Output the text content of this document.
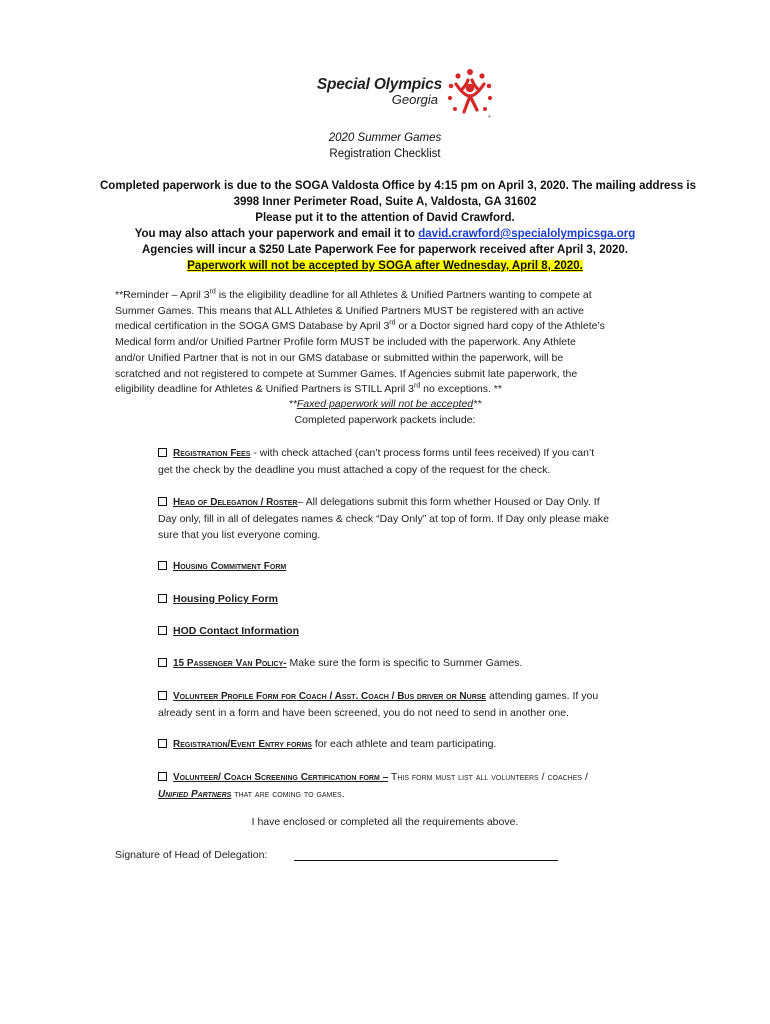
Special Olympics
Georgia
®
2020 Summer Games
Registration Checklist
Completed paperwork is due to the SOGA Valdosta Office by 4:15 pm on April 3, 2020. The mailing address is
3998 Inner Perimeter Road, Suite A, Valdosta, GA 31602
Please put it to the attention of David Crawford.
You may also attach your paperwork and email it to david.crawford@specialolympicsga.org
Agencies will incur a $250 Late Paperwork Fee for paperwork received after April 3, 2020.
Paperwork will not be accepted by SOGA after Wednesday, April 8, 2020.
**Reminder – April 3rd is the eligibility deadline for all Athletes & Unified Partners wanting to compete at
Summer Games. This means that ALL Athletes & Unified Partners MUST be registered with an active
medical certification in the SOGA GMS Database by April 3rd or a Doctor signed hard copy of the Athlete’s
Medical form and/or Unified Partner Profile form MUST be included with the paperwork. Any Athlete
and/or Unified Partner that is not in our GMS database or submitted within the paperwork, will be
scratched and not registered to compete at Summer Games. If Agencies submit late paperwork, the
eligibility deadline for Athletes & Unified Partners is STILL April 3rd no exceptions. **
**Faxed paperwork will not be accepted**
Completed paperwork packets include:
Registration Fees - with check attached (can’t process forms until fees received) If you can’t
get the check by the deadline you must attached a copy of the request for the check.
Head of Delegation / Roster– All delegations submit this form whether Housed or Day Only. If
Day only, fill in all of delegates names & check “Day Only” at top of form. If Day only please make
sure that you list everyone coming.
Housing Commitment Form
Housing Policy Form
HOD Contact Information
15 Passenger Van Policy- Make sure the form is specific to Summer Games.
Volunteer Profile Form for Coach / Asst. Coach / Bus driver or Nurse attending games. If you
already sent in a form and have been screened, you do not need to send in another one.
Registration/Event Entry forms for each athlete and team participating.
Volunteer/ Coach Screening Certification form – This form must list all volunteers / coaches /
Unified Partners that are coming to games.
I have enclosed or completed all the requirements above.
Signature of Head of Delegation:
